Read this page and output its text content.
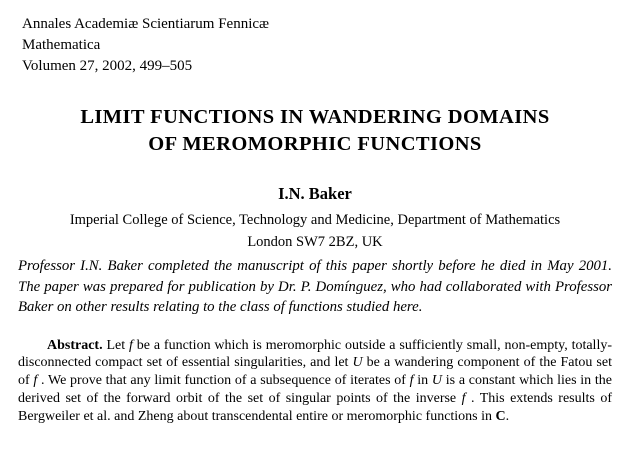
Annales Academiæ Scientiarum Fennicæ
Mathematica
Volumen 27, 2002, 499–505
LIMIT FUNCTIONS IN WANDERING DOMAINS
OF MEROMORPHIC FUNCTIONS
I.N. Baker
Imperial College of Science, Technology and Medicine, Department of Mathematics
London SW7 2BZ, UK

Professor I.N. Baker completed the manuscript of this paper shortly before he died in May 2001. The paper was prepared for publication by Dr. P. Domínguez, who had collaborated with Professor Baker on other results relating to the class of functions studied here.

Abstract. Let f be a function which is meromorphic outside a sufficiently small, non-empty, totally-disconnected compact set of essential singularities, and let U be a wandering component of the Fatou set of f . We prove that any limit function of a subsequence of iterates of f in U is a constant which lies in the derived set of the forward orbit of the set of singular points of the inverse f . This extends results of Bergweiler et al. and Zheng about transcendental entire or meromorphic functions in C.
